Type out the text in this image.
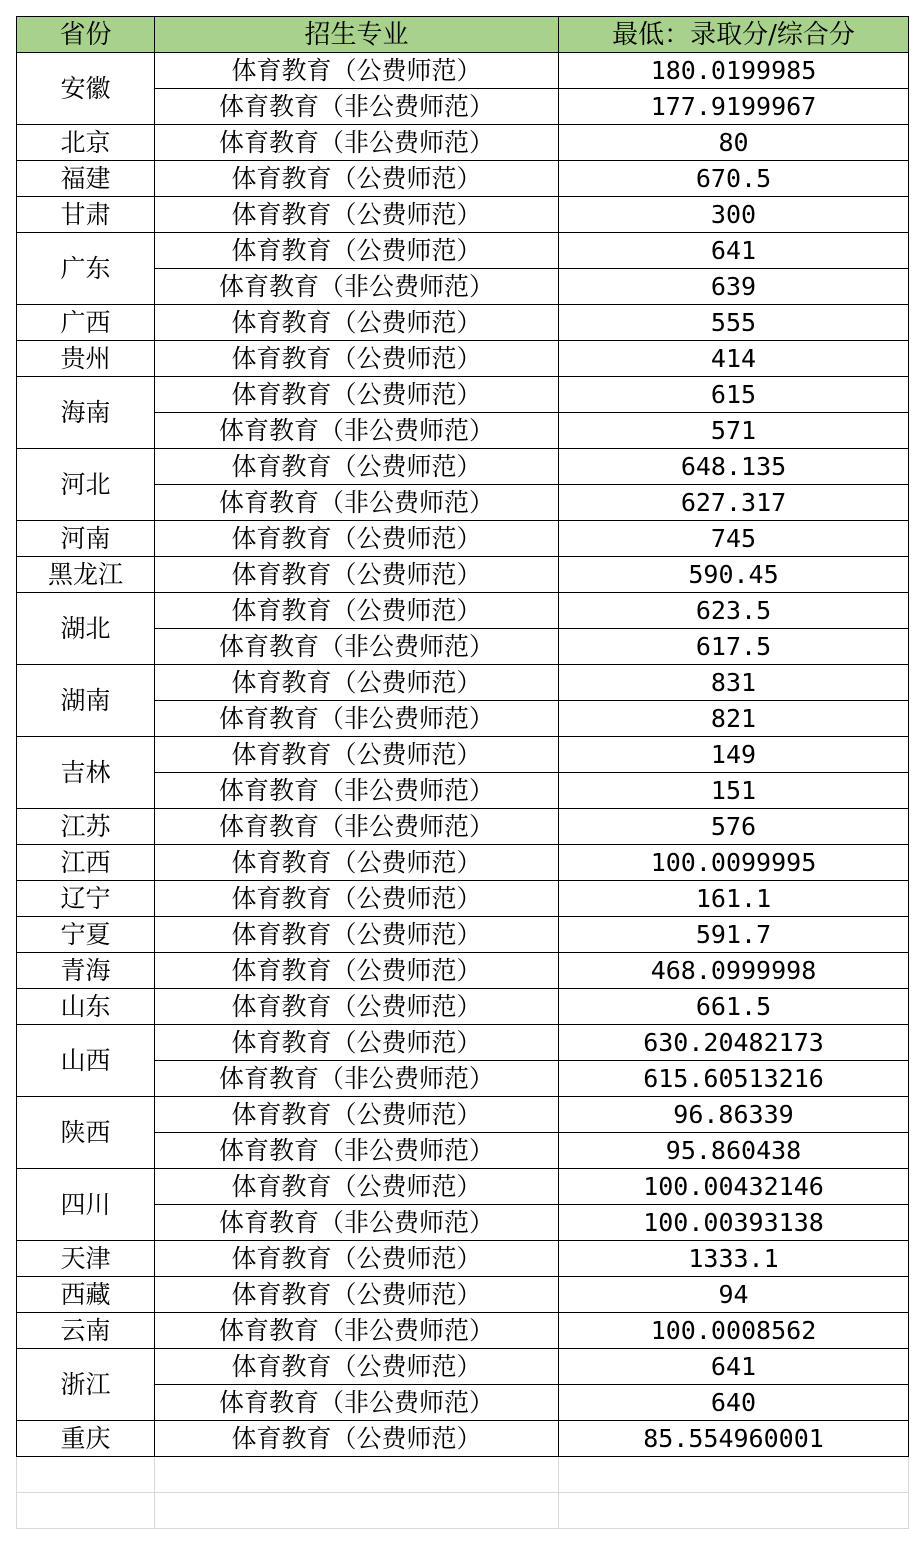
省份	招生专业	最低：录取分/综合分
安徽	体育教育（公费师范）	180.0199985
	体育教育（非公费师范）	177.9199967
北京	体育教育（非公费师范）	80
福建	体育教育（公费师范）	670.5
甘肃	体育教育（公费师范）	300
广东	体育教育（公费师范）	641
	体育教育（非公费师范）	639
广西	体育教育（公费师范）	555
贵州	体育教育（公费师范）	414
海南	体育教育（公费师范）	615
	体育教育（非公费师范）	571
河北	体育教育（公费师范）	648.135
	体育教育（非公费师范）	627.317
河南	体育教育（公费师范）	745
黑龙江	体育教育（公费师范）	590.45
湖北	体育教育（公费师范）	623.5
	体育教育（非公费师范）	617.5
湖南	体育教育（公费师范）	831
	体育教育（非公费师范）	821
吉林	体育教育（公费师范）	149
	体育教育（非公费师范）	151
江苏	体育教育（非公费师范）	576
江西	体育教育（公费师范）	100.0099995
辽宁	体育教育（公费师范）	161.1
宁夏	体育教育（公费师范）	591.7
青海	体育教育（公费师范）	468.0999998
山东	体育教育（公费师范）	661.5
山西	体育教育（公费师范）	630.20482173
	体育教育（非公费师范）	615.60513216
陕西	体育教育（公费师范）	96.86339
	体育教育（非公费师范）	95.860438
四川	体育教育（公费师范）	100.00432146
	体育教育（非公费师范）	100.00393138
天津	体育教育（公费师范）	1333.1
西藏	体育教育（公费师范）	94
云南	体育教育（非公费师范）	100.0008562
浙江	体育教育（公费师范）	641
	体育教育（非公费师范）	640
重庆	体育教育（公费师范）	85.554960001
